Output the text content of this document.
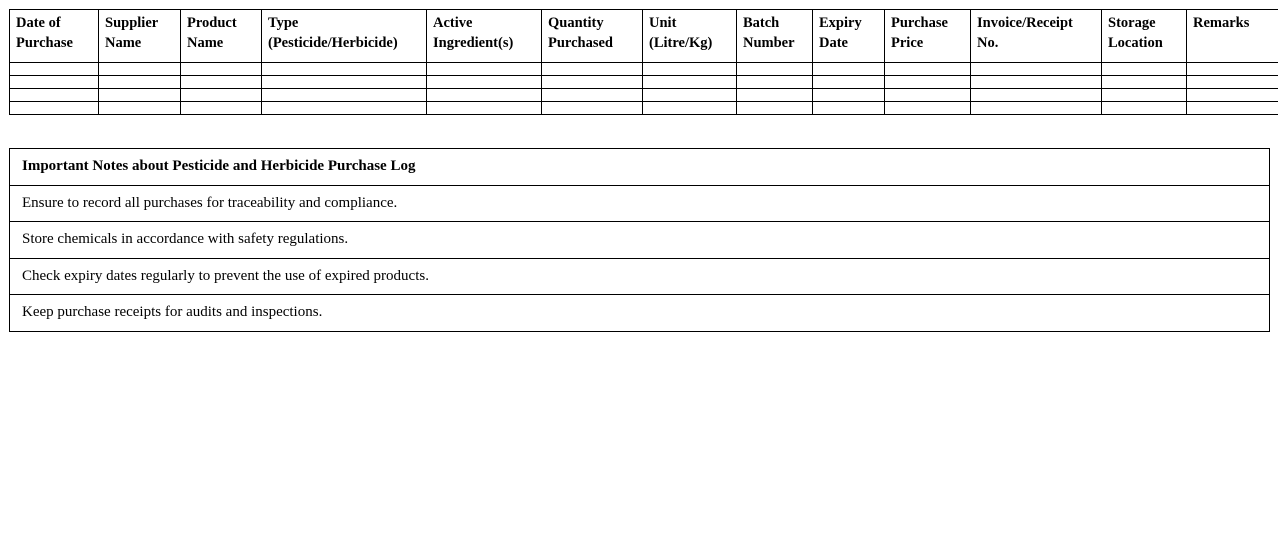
Date of Purchase	Supplier Name	Product Name	Type (Pesticide/Herbicide)	Active Ingredient(s)	Quantity Purchased	Unit (Litre/Kg)	Batch Number	Expiry Date	Purchase Price	Invoice/Receipt No.	Storage Location	Remarks

Important Notes about Pesticide and Herbicide Purchase Log
Ensure to record all purchases for traceability and compliance.
Store chemicals in accordance with safety regulations.
Check expiry dates regularly to prevent the use of expired products.
Keep purchase receipts for audits and inspections.
